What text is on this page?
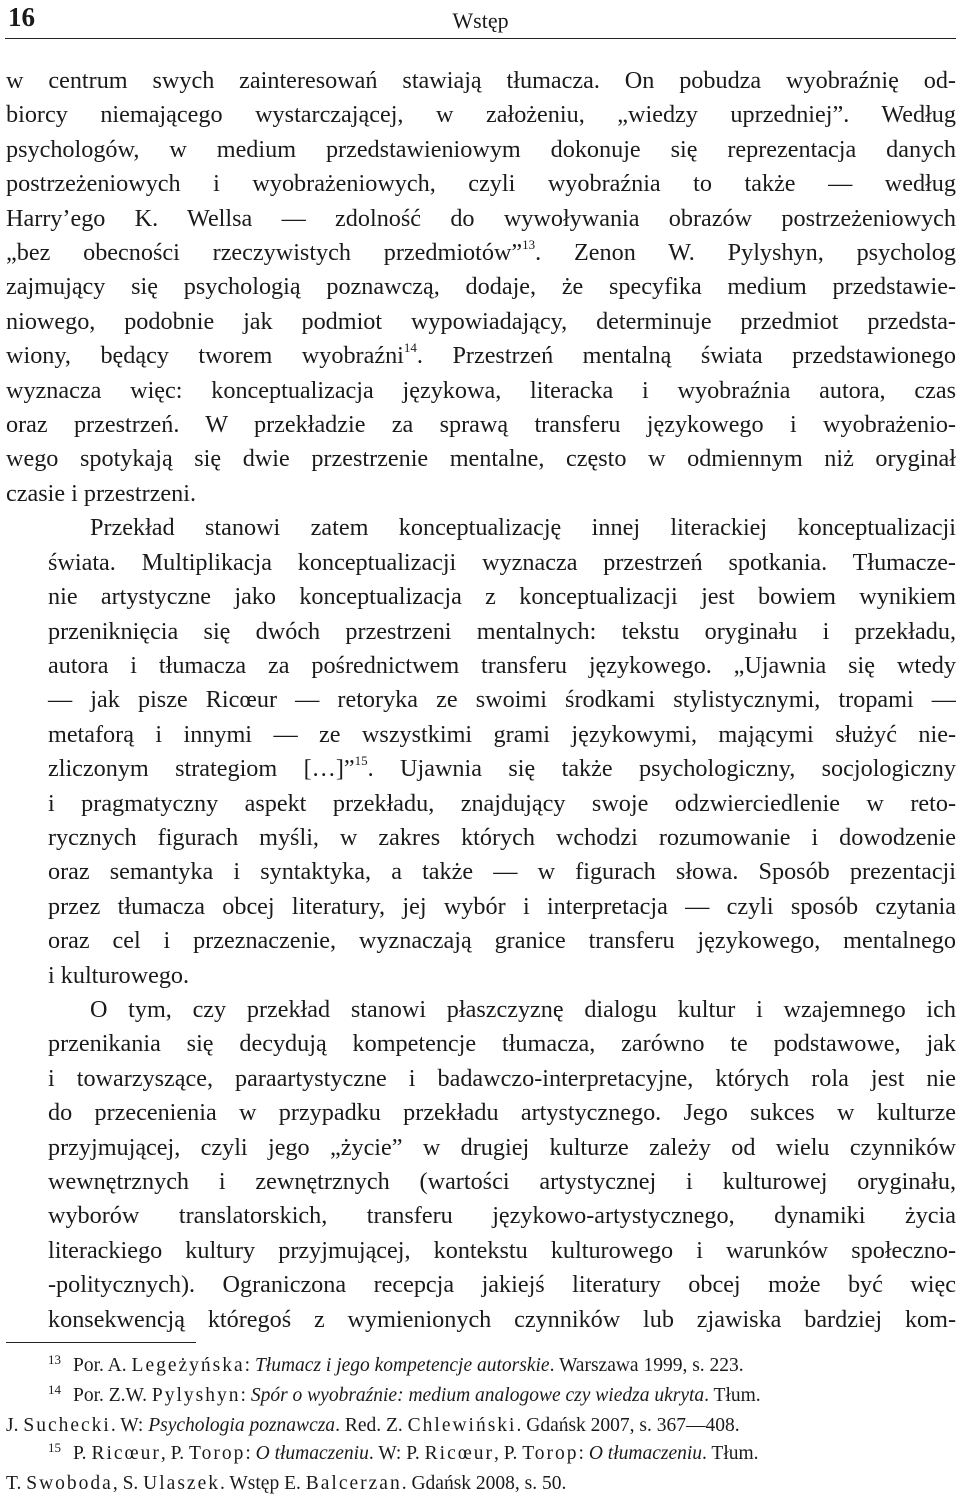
16	Wstęp
w centrum swych zainteresowań stawiają tłumacza. On pobudza wyobraźnię od-
biorcy niemającego wystarczającej, w założeniu, „wiedzy uprzedniej”. Według
psychologów, w medium przedstawieniowym dokonuje się reprezentacja danych
postrzeżeniowych i wyobrażeniowych, czyli wyobraźnia to także — według
Harry’ego K. Wellsa — zdolność do wywoływania obrazów postrzeżeniowych
„bez obecności rzeczywistych przedmiotów”$^{13}$. Zenon W. Pylyshyn, psycholog
zajmujący się psychologią poznawczą, dodaje, że specyfika medium przedstawie-
niowego, podobnie jak podmiot wypowiadający, determinuje przedmiot przedsta-
wiony, będący tworem wyobraźni$^{14}$. Przestrzeń mentalną świata przedstawionego
wyznacza więc: konceptualizacja językowa, literacka i wyobraźnia autora, czas
oraz przestrzeń. W przekładzie za sprawą transferu językowego i wyobrażenio-
wego spotykają się dwie przestrzenie mentalne, często w odmiennym niż oryginał
czasie i przestrzeni.
Przekład stanowi zatem konceptualizację innej literackiej konceptualizacji
świata. Multiplikacja konceptualizacji wyznacza przestrzeń spotkania. Tłumacze-
nie artystyczne jako konceptualizacja z konceptualizacji jest bowiem wynikiem
przeniknięcia się dwóch przestrzeni mentalnych: tekstu oryginału i przekładu,
autora i tłumacza za pośrednictwem transferu językowego. „Ujawnia się wtedy
— jak pisze Ricœur — retoryka ze swoimi środkami stylistycznymi, tropami —
metaforą i innymi — ze wszystkimi grami językowymi, mającymi służyć nie-
zliczonym strategiom […]”$^{15}$. Ujawnia się także psychologiczny, socjologiczny
i pragmatyczny aspekt przekładu, znajdujący swoje odzwierciedlenie w reto-
rycznych figurach myśli, w zakres których wchodzi rozumowanie i dowodzenie
oraz semantyka i syntaktyka, a także — w figurach słowa. Sposób prezentacji
przez tłumacza obcej literatury, jej wybór i interpretacja — czyli sposób czytania
oraz cel i przeznaczenie, wyznaczają granice transferu językowego, mentalnego
i kulturowego.
O tym, czy przekład stanowi płaszczyznę dialogu kultur i wzajemnego ich
przenikania się decydują kompetencje tłumacza, zarówno te podstawowe, jak
i towarzyszące, paraartystyczne i badawczo-interpretacyjne, których rola jest nie
do przecenienia w przypadku przekładu artystycznego. Jego sukces w kulturze
przyjmującej, czyli jego „życie” w drugiej kulturze zależy od wielu czynników
wewnętrznych i zewnętrznych (wartości artystycznej i kulturowej oryginału,
wyborów translatorskich, transferu językowo-artystycznego, dynamiki życia
literackiego kultury przyjmującej, kontekstu kulturowego i warunków społeczno-
-politycznych). Ograniczona recepcja jakiejś literatury obcej może być więc
konsekwencją któregoś z wymienionych czynników lub zjawiska bardziej kom-
$^{13}$ Por. A. Legeżyńska: Tłumacz i jego kompetencje autorskie. Warszawa 1999, s. 223.
$^{14}$ Por. Z.W. Pylyshyn: Spór o wyobraźnie: medium analogowe czy wiedza ukryta. Tłum.
J. Suchecki. W: Psychologia poznawcza. Red. Z. Chlewiński. Gdańsk 2007, s. 367—408.
$^{15}$ P. Ricœur, P. Torop: O tłumaczeniu. W: P. Ricœur, P. Torop: O tłumaczeniu. Tłum.
T. Swoboda, S. Ulaszek. Wstęp E. Balcerzan. Gdańsk 2008, s. 50.
